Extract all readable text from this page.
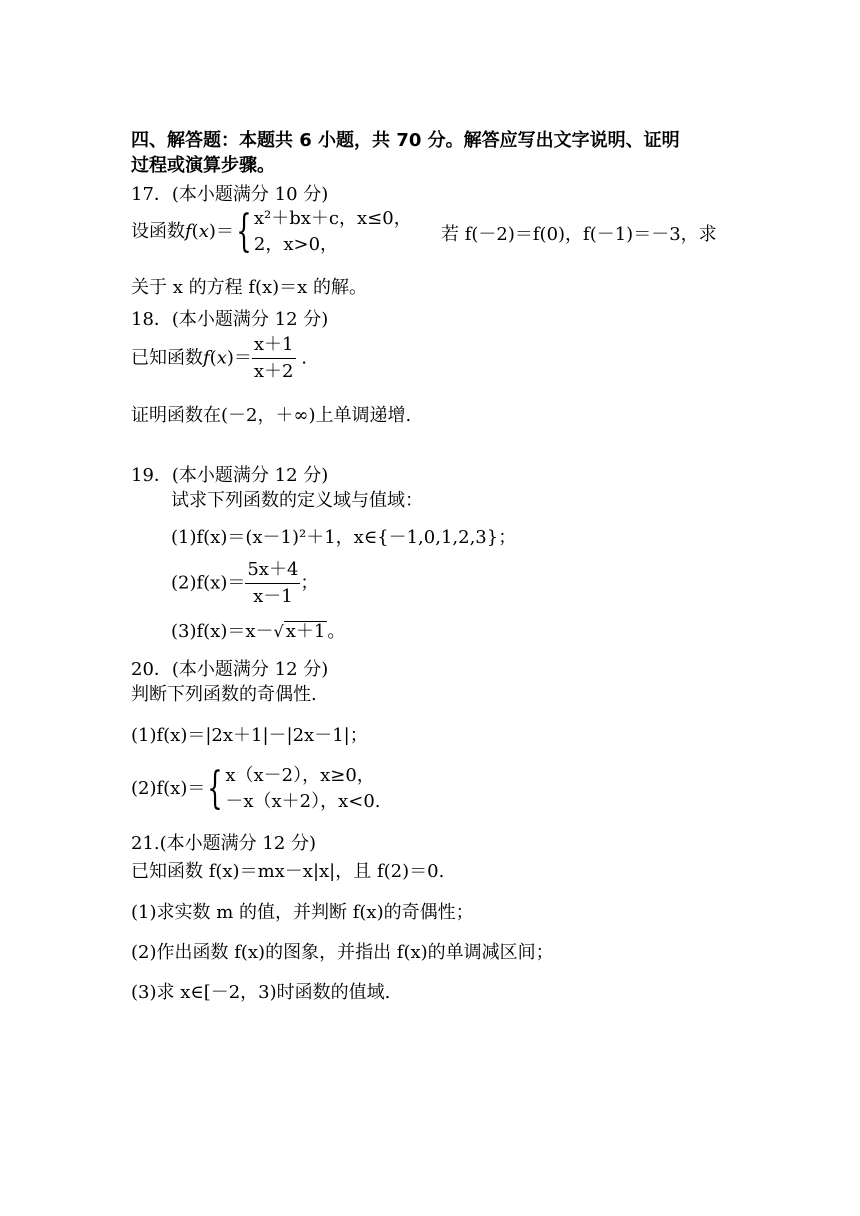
四、解答题：本题共 6 小题，共 70 分。解答应写出文字说明、证明
过程或演算步骤。
17．(本小题满分 10 分)
设函数f(x)＝{ x²＋bx＋c，x≤0，
2，x>0，	若 f(－2)＝f(0)，f(－1)＝－3，求
关于 x 的方程 f(x)＝x 的解。
18．(本小题满分 12 分)
已知函数$f(x)= \frac{x+1}{x+2}$ .
证明函数在(－2，＋∞)上单调递增.
19．(本小题满分 12 分)
试求下列函数的定义域与值域：
(1)f(x)＝(x－1)²＋1，x∈{－1,0,1,2,3}；
$(2)f(x)= \frac{5x+4}{x-1}$ ；
(3)f(x)＝x－√ x＋1 。
20．(本小题满分 12 分)
判断下列函数的奇偶性.
(1)f(x)＝|2x＋1|－|2x－1|；
(2)f(x)＝{ x（x－2），x≥0，
－x（x＋2），x<0.
21.(本小题满分 12 分)
已知函数 f(x)＝mx－x|x|，且 f(2)＝0.
(1)求实数 m 的值，并判断 f(x)的奇偶性；
(2)作出函数 f(x)的图象，并指出 f(x)的单调减区间；
(3)求 x∈[－2，3)时函数的值域.
